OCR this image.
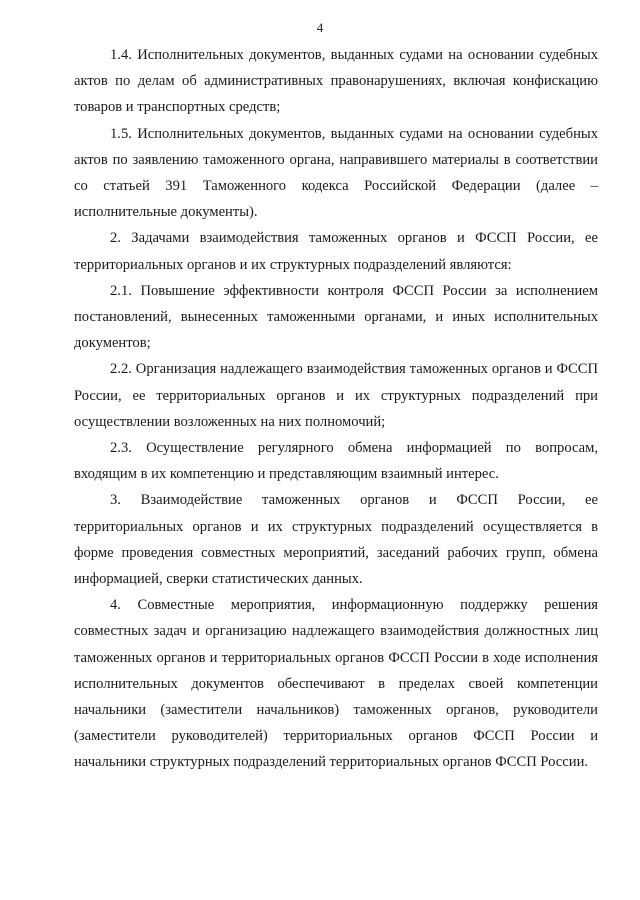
4

1.4. Исполнительных документов, выданных судами на основании судебных актов по делам об административных правонарушениях, включая конфискацию товаров и транспортных средств;

1.5. Исполнительных документов, выданных судами на основании судебных актов по заявлению таможенного органа, направившего материалы в соответствии со статьей 391 Таможенного кодекса Российской Федерации (далее – исполнительные документы).

2. Задачами взаимодействия таможенных органов и ФССП России, ее территориальных органов и их структурных подразделений являются:

2.1. Повышение эффективности контроля ФССП России за исполнением постановлений, вынесенных таможенными органами, и иных исполнительных документов;

2.2. Организация надлежащего взаимодействия таможенных органов и ФССП России, ее территориальных органов и их структурных подразделений при осуществлении возложенных на них полномочий;

2.3. Осуществление регулярного обмена информацией по вопросам, входящим в их компетенцию и представляющим взаимный интерес.

3. Взаимодействие таможенных органов и ФССП России, ее территориальных органов и их структурных подразделений осуществляется в форме проведения совместных мероприятий, заседаний рабочих групп, обмена информацией, сверки статистических данных.

4. Совместные мероприятия, информационную поддержку решения совместных задач и организацию надлежащего взаимодействия должностных лиц таможенных органов и территориальных органов ФССП России в ходе исполнения исполнительных документов обеспечивают в пределах своей компетенции начальники (заместители начальников) таможенных органов, руководители (заместители руководителей) территориальных органов ФССП России и начальники структурных подразделений территориальных органов ФССП России.
